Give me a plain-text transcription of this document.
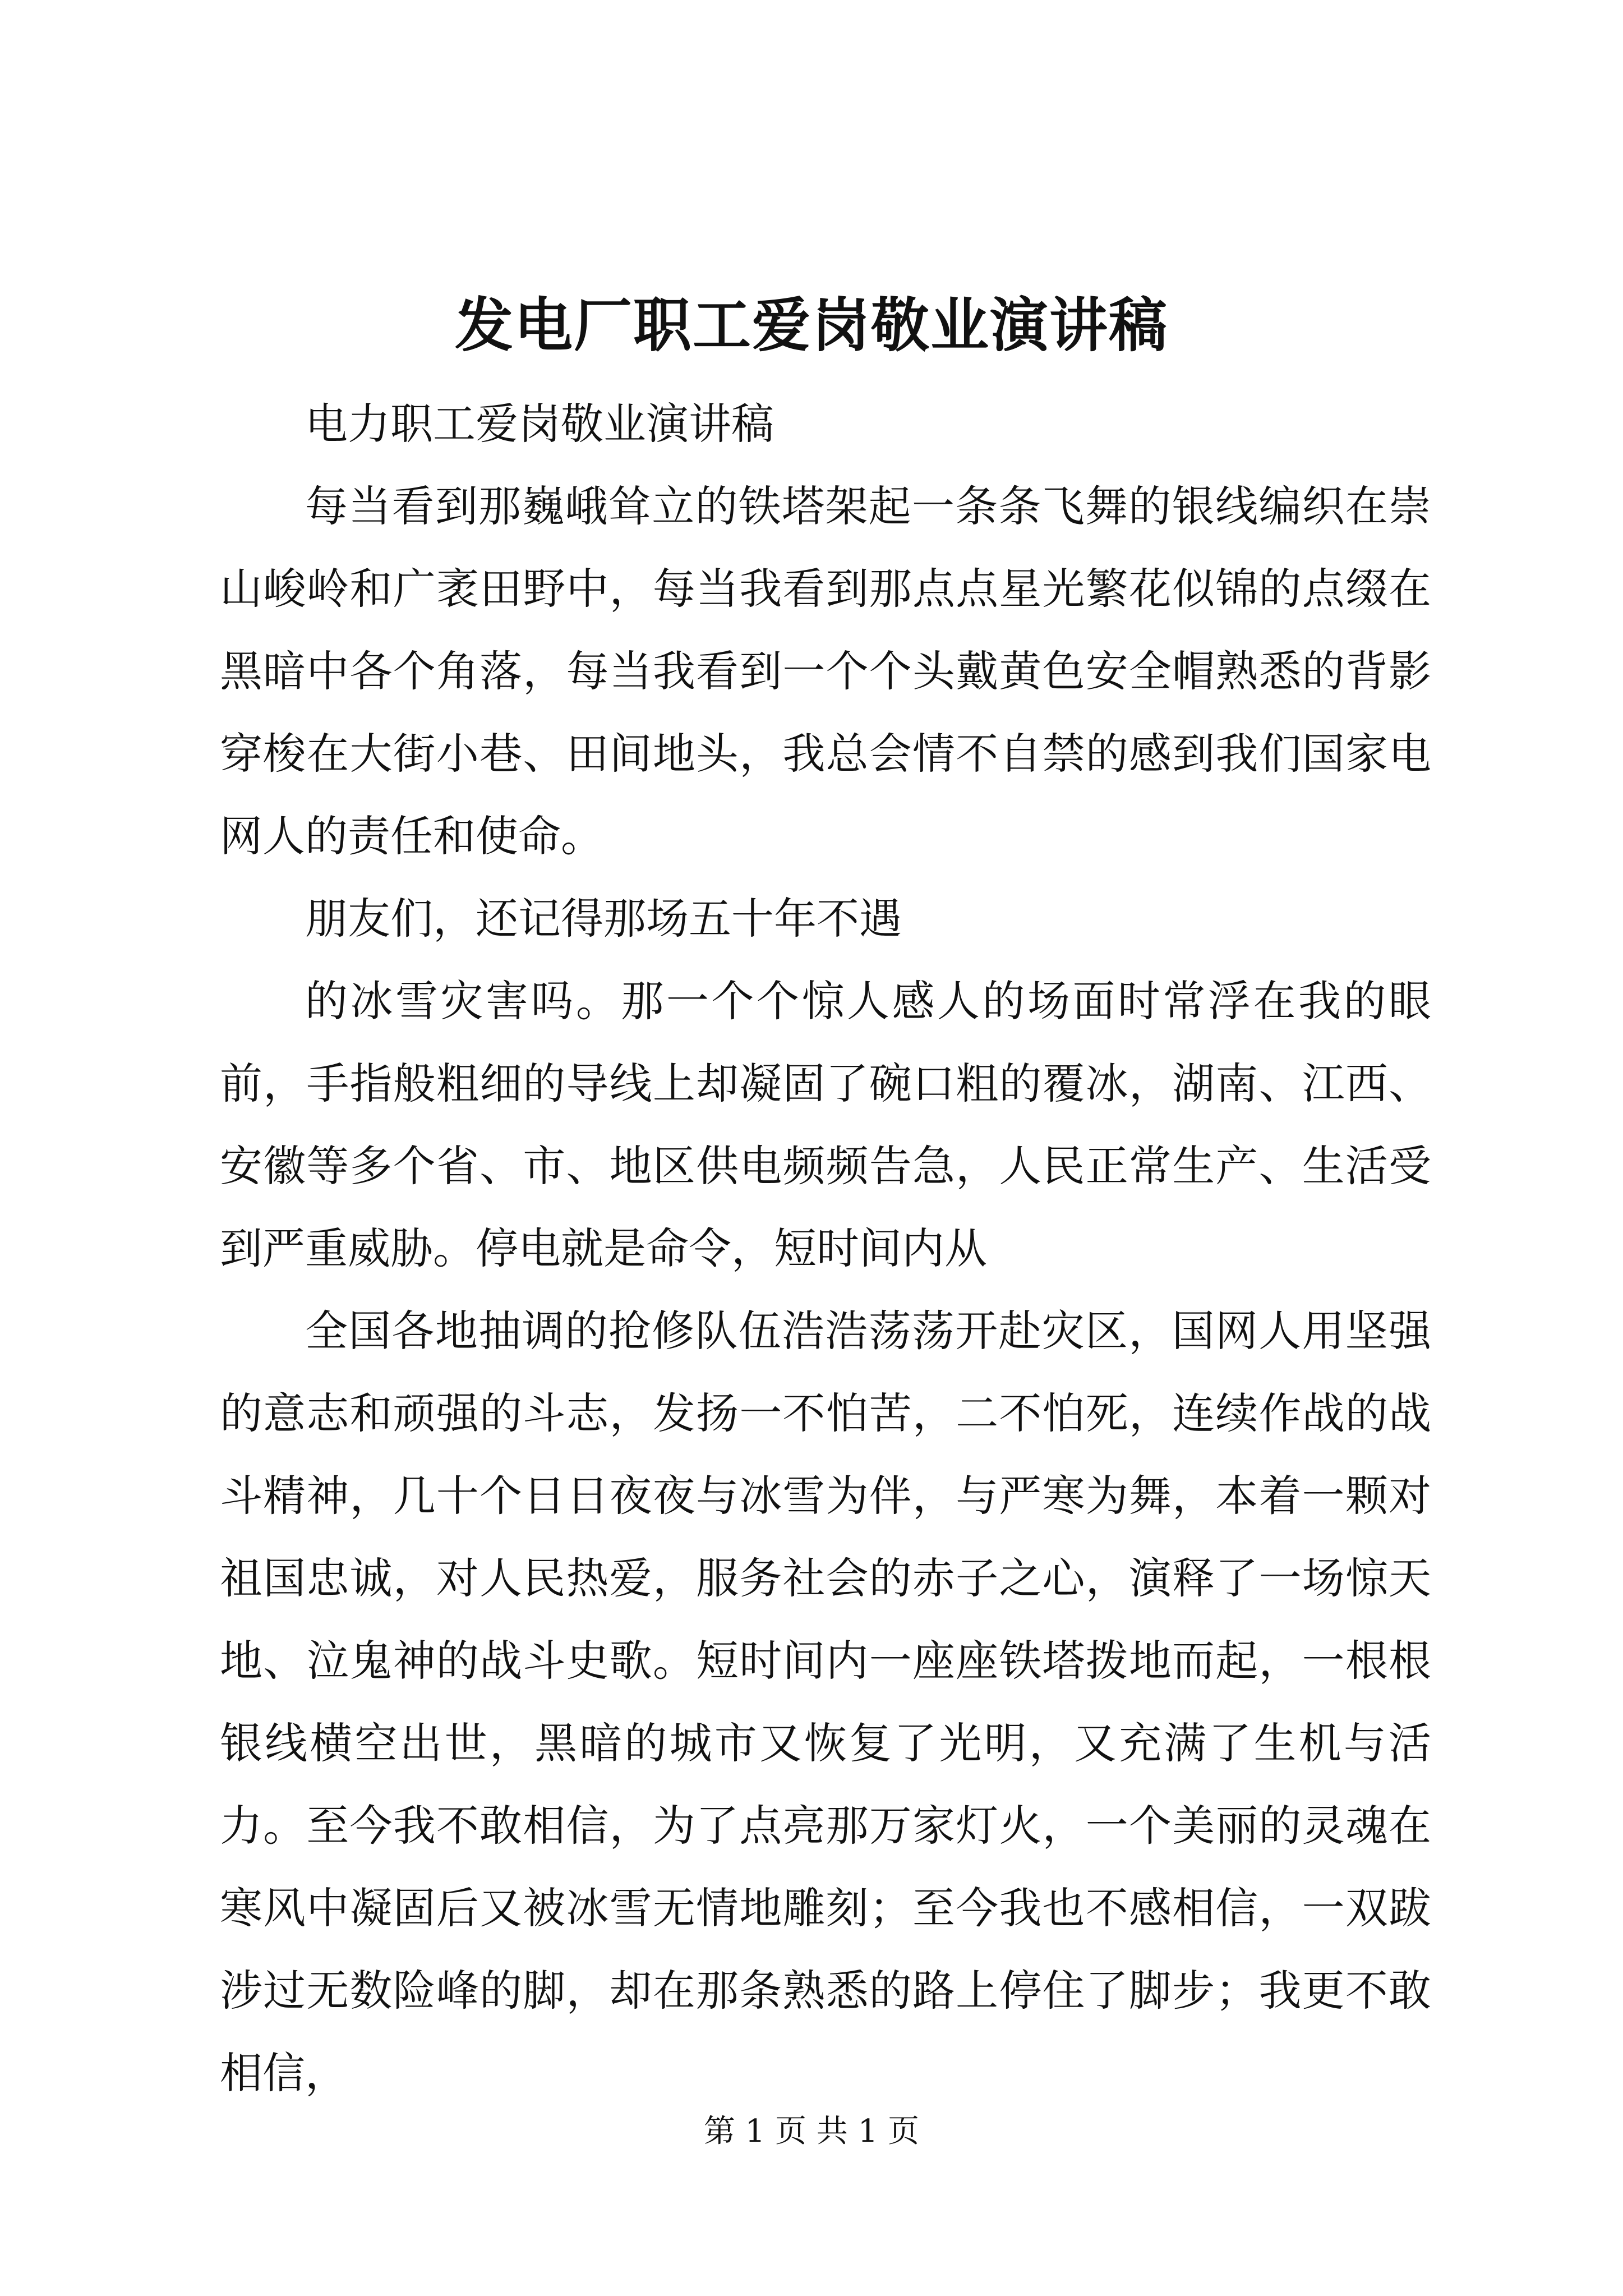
发电厂职工爱岗敬业演讲稿

电力职工爱岗敬业演讲稿

每当看到那巍峨耸立的铁塔架起一条条飞舞的银线编织在崇山峻岭和广袤田野中，每当我看到那点点星光繁花似锦的点缀在黑暗中各个角落，每当我看到一个个头戴黄色安全帽熟悉的背影穿梭在大街小巷、田间地头，我总会情不自禁的感到我们国家电网人的责任和使命。

朋友们，还记得那场五十年不遇

的冰雪灾害吗。那一个个惊人感人的场面时常浮在我的眼前，手指般粗细的导线上却凝固了碗口粗的覆冰，湖南、江西、安徽等多个省、市、地区供电频频告急，人民正常生产、生活受到严重威胁。停电就是命令，短时间内从

全国各地抽调的抢修队伍浩浩荡荡开赴灾区，国网人用坚强的意志和顽强的斗志，发扬一不怕苦，二不怕死，连续作战的战斗精神，几十个日日夜夜与冰雪为伴，与严寒为舞，本着一颗对祖国忠诚，对人民热爱，服务社会的赤子之心，演释了一场惊天地、泣鬼神的战斗史歌。短时间内一座座铁塔拨地而起，一根根银线横空出世，黑暗的城市又恢复了光明，又充满了生机与活力。至今我不敢相信，为了点亮那万家灯火，一个美丽的灵魂在寒风中凝固后又被冰雪无情地雕刻；至今我也不感相信，一双跋涉过无数险峰的脚，却在那条熟悉的路上停住了脚步；我更不敢相信，

第 1 页 共 1 页
